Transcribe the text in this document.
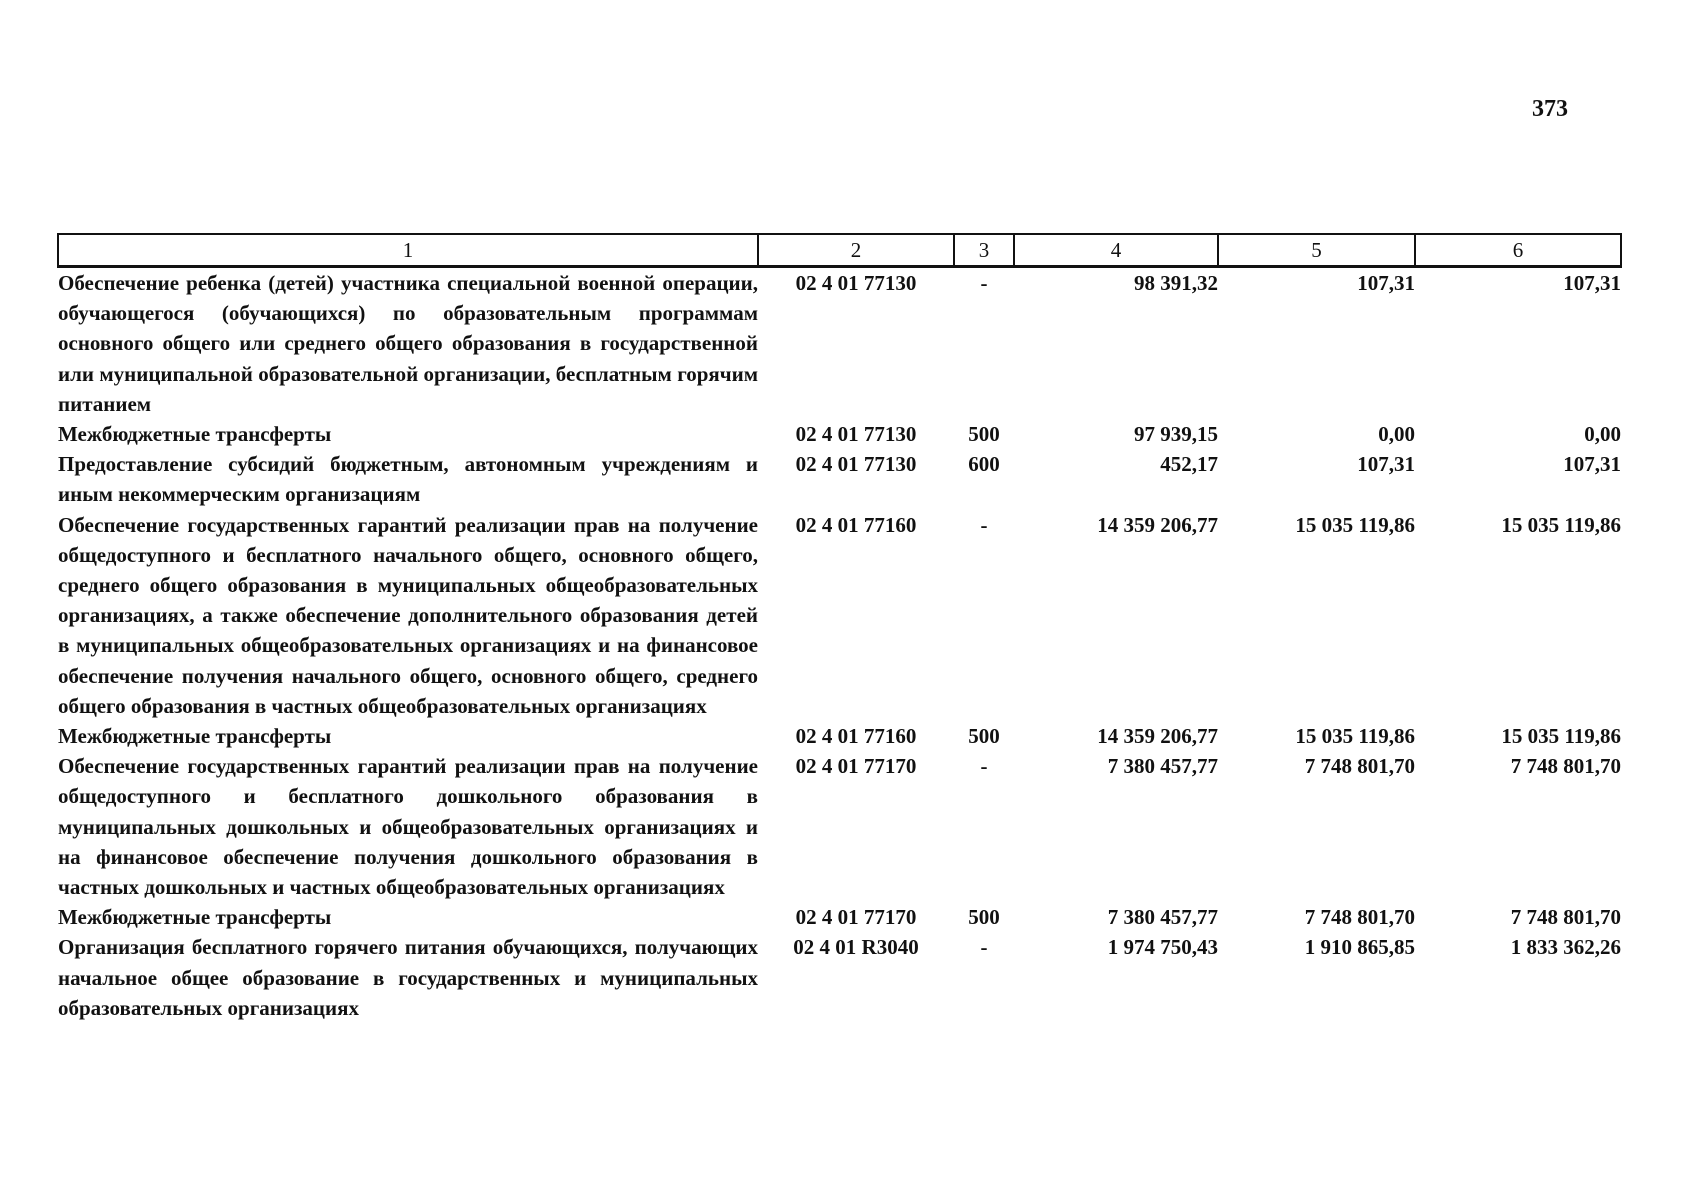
373
1	2	3	4	5	6
Обеспечение ребенка (детей) участника специальной военной операции, обучающегося (обучающихся) по образовательным программам основного общего или среднего общего образования в государственной или муниципальной образовательной организации, бесплатным горячим питанием	02 4 01 77130	-	98 391,32	107,31	107,31
Межбюджетные трансферты	02 4 01 77130	500	97 939,15	0,00	0,00
Предоставление субсидий бюджетным, автономным учреждениям и иным некоммерческим организациям	02 4 01 77130	600	452,17	107,31	107,31
Обеспечение государственных гарантий реализации прав на получение общедоступного и бесплатного начального общего, основного общего, среднего общего образования в муниципальных общеобразовательных организациях, а также обеспечение дополнительного образования детей в муниципальных общеобразовательных организациях и на финансовое обеспечение получения начального общего, основного общего, среднего общего образования в частных общеобразовательных организациях	02 4 01 77160	-	14 359 206,77	15 035 119,86	15 035 119,86
Межбюджетные трансферты	02 4 01 77160	500	14 359 206,77	15 035 119,86	15 035 119,86
Обеспечение государственных гарантий реализации прав на получение общедоступного и бесплатного дошкольного образования в муниципальных дошкольных и общеобразовательных организациях и на финансовое обеспечение получения дошкольного образования в частных дошкольных и частных общеобразовательных организациях	02 4 01 77170	-	7 380 457,77	7 748 801,70	7 748 801,70
Межбюджетные трансферты	02 4 01 77170	500	7 380 457,77	7 748 801,70	7 748 801,70
Организация бесплатного горячего питания обучающихся, получающих начальное общее образование в государственных и муниципальных образовательных организациях	02 4 01 R3040	-	1 974 750,43	1 910 865,85	1 833 362,26
